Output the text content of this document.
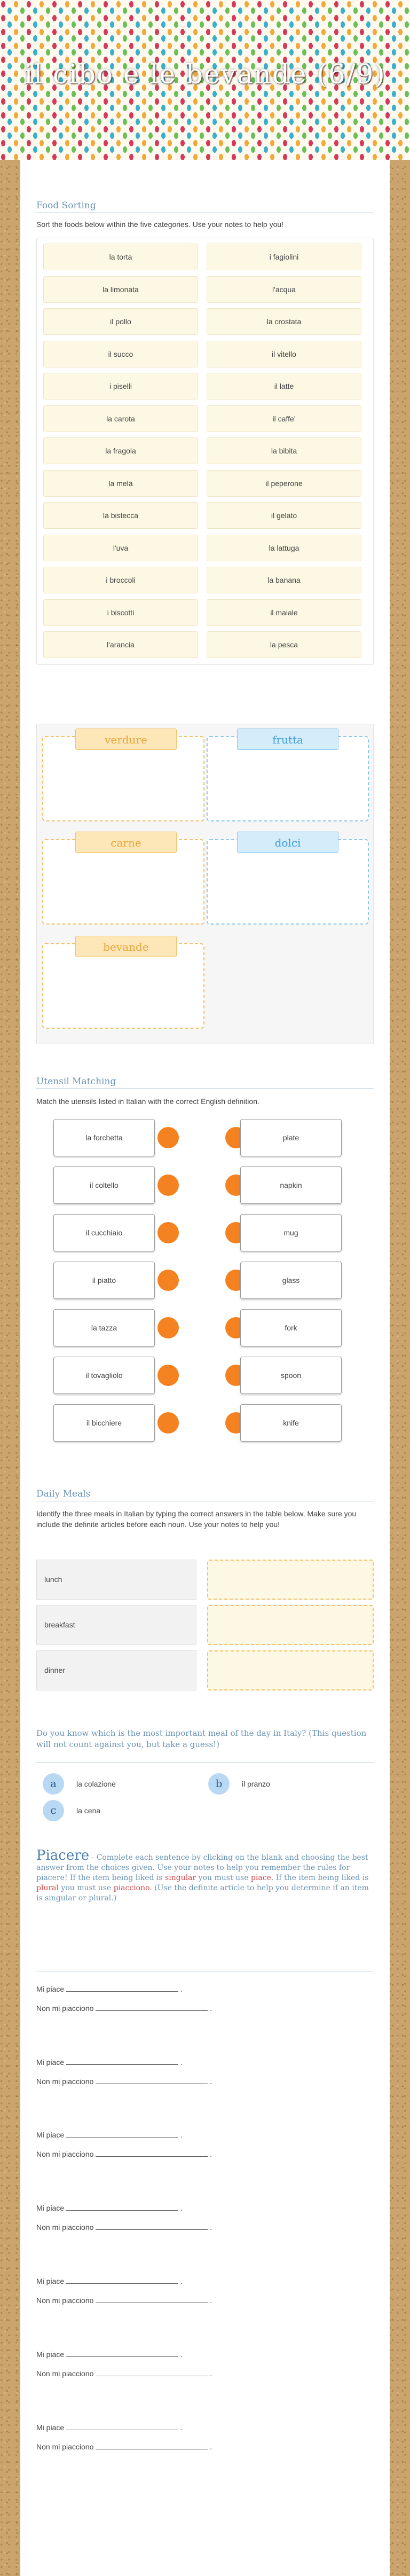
il cibo e le bevande (6/9)
Food Sorting
Sort the foods below within the five categories. Use your notes to help you!
la torta	i fagiolini
la limonata	l'acqua
il pollo	la crostata
il succo	il vitello
i piselli	il latte
la carota	il caffe'
la fragola	la bibita
la mela	il peperone
la bistecca	il gelato
l'uva	la lattuga
i broccoli	la banana
i biscotti	il maiale
l'arancia	la pesca
verdure	frutta
carne	dolci
bevande
Utensil Matching
Match the utensils listed in Italian with the correct English definition.
la forchetta	plate
il coltello	napkin
il cucchiaio	mug
il piatto	glass
la tazza	fork
il tovagliolo	spoon
il bicchiere	knife
Daily Meals
Identify the three meals in Italian by typing the correct answers in the table below. Make sure you include the definite articles before each noun. Use your notes to help you!
lunch
breakfast
dinner
Do you know which is the most important meal of the day in Italy? (This question will not count against you, but take a guess!)
a	la colazione	b	il pranzo
c	la cena
Piacere - Complete each sentence by clicking on the blank and choosing the best answer from the choices given. Use your notes to help you remember the rules for piacere! If the item being liked is singular you must use piace. If the item being liked is plural you must use piacciono. (Use the definite article to help you determine if an item is singular or plural.)
Mi piace	.
Non mi piacciono	.
Mi piace	.
Non mi piacciono	.
Mi piace	.
Non mi piacciono	.
Mi piace	.
Non mi piacciono	.
Mi piace	.
Non mi piacciono	.
Mi piace	.
Non mi piacciono	.
Mi piace	.
Non mi piacciono	.
